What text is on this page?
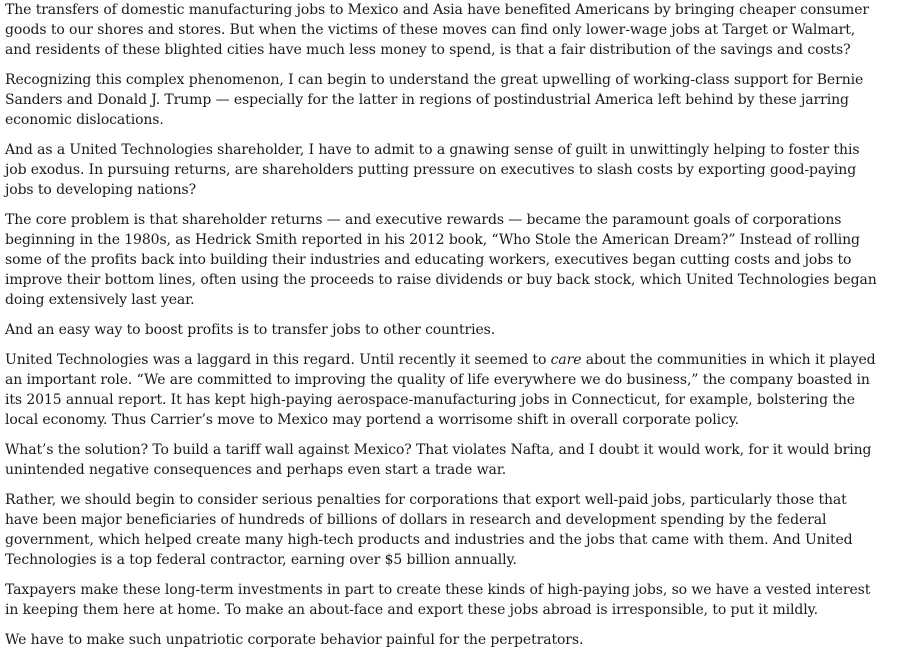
The transfers of domestic manufacturing jobs to Mexico and Asia have benefited Americans by bringing cheaper consumer goods to our shores and stores. But when the victims of these moves can find only lower-wage jobs at Target or Walmart, and residents of these blighted cities have much less money to spend, is that a fair distribution of the savings and costs?

Recognizing this complex phenomenon, I can begin to understand the great upwelling of working-class support for Bernie Sanders and Donald J. Trump — especially for the latter in regions of postindustrial America left behind by these jarring economic dislocations.

And as a United Technologies shareholder, I have to admit to a gnawing sense of guilt in unwittingly helping to foster this job exodus. In pursuing returns, are shareholders putting pressure on executives to slash costs by exporting good-paying jobs to developing nations?

The core problem is that shareholder returns — and executive rewards — became the paramount goals of corporations beginning in the 1980s, as Hedrick Smith reported in his 2012 book, “Who Stole the American Dream?” Instead of rolling some of the profits back into building their industries and educating workers, executives began cutting costs and jobs to improve their bottom lines, often using the proceeds to raise dividends or buy back stock, which United Technologies began doing extensively last year.

And an easy way to boost profits is to transfer jobs to other countries.

United Technologies was a laggard in this regard. Until recently it seemed to care about the communities in which it played an important role. “We are committed to improving the quality of life everywhere we do business,” the company boasted in its 2015 annual report. It has kept high-paying aerospace-manufacturing jobs in Connecticut, for example, bolstering the local economy. Thus Carrier’s move to Mexico may portend a worrisome shift in overall corporate policy.

What’s the solution? To build a tariff wall against Mexico? That violates Nafta, and I doubt it would work, for it would bring unintended negative consequences and perhaps even start a trade war.

Rather, we should begin to consider serious penalties for corporations that export well-paid jobs, particularly those that have been major beneficiaries of hundreds of billions of dollars in research and development spending by the federal government, which helped create many high-tech products and industries and the jobs that came with them. And United Technologies is a top federal contractor, earning over $5 billion annually.

Taxpayers make these long-term investments in part to create these kinds of high-paying jobs, so we have a vested interest in keeping them here at home. To make an about-face and export these jobs abroad is irresponsible, to put it mildly.

We have to make such unpatriotic corporate behavior painful for the perpetrators.
